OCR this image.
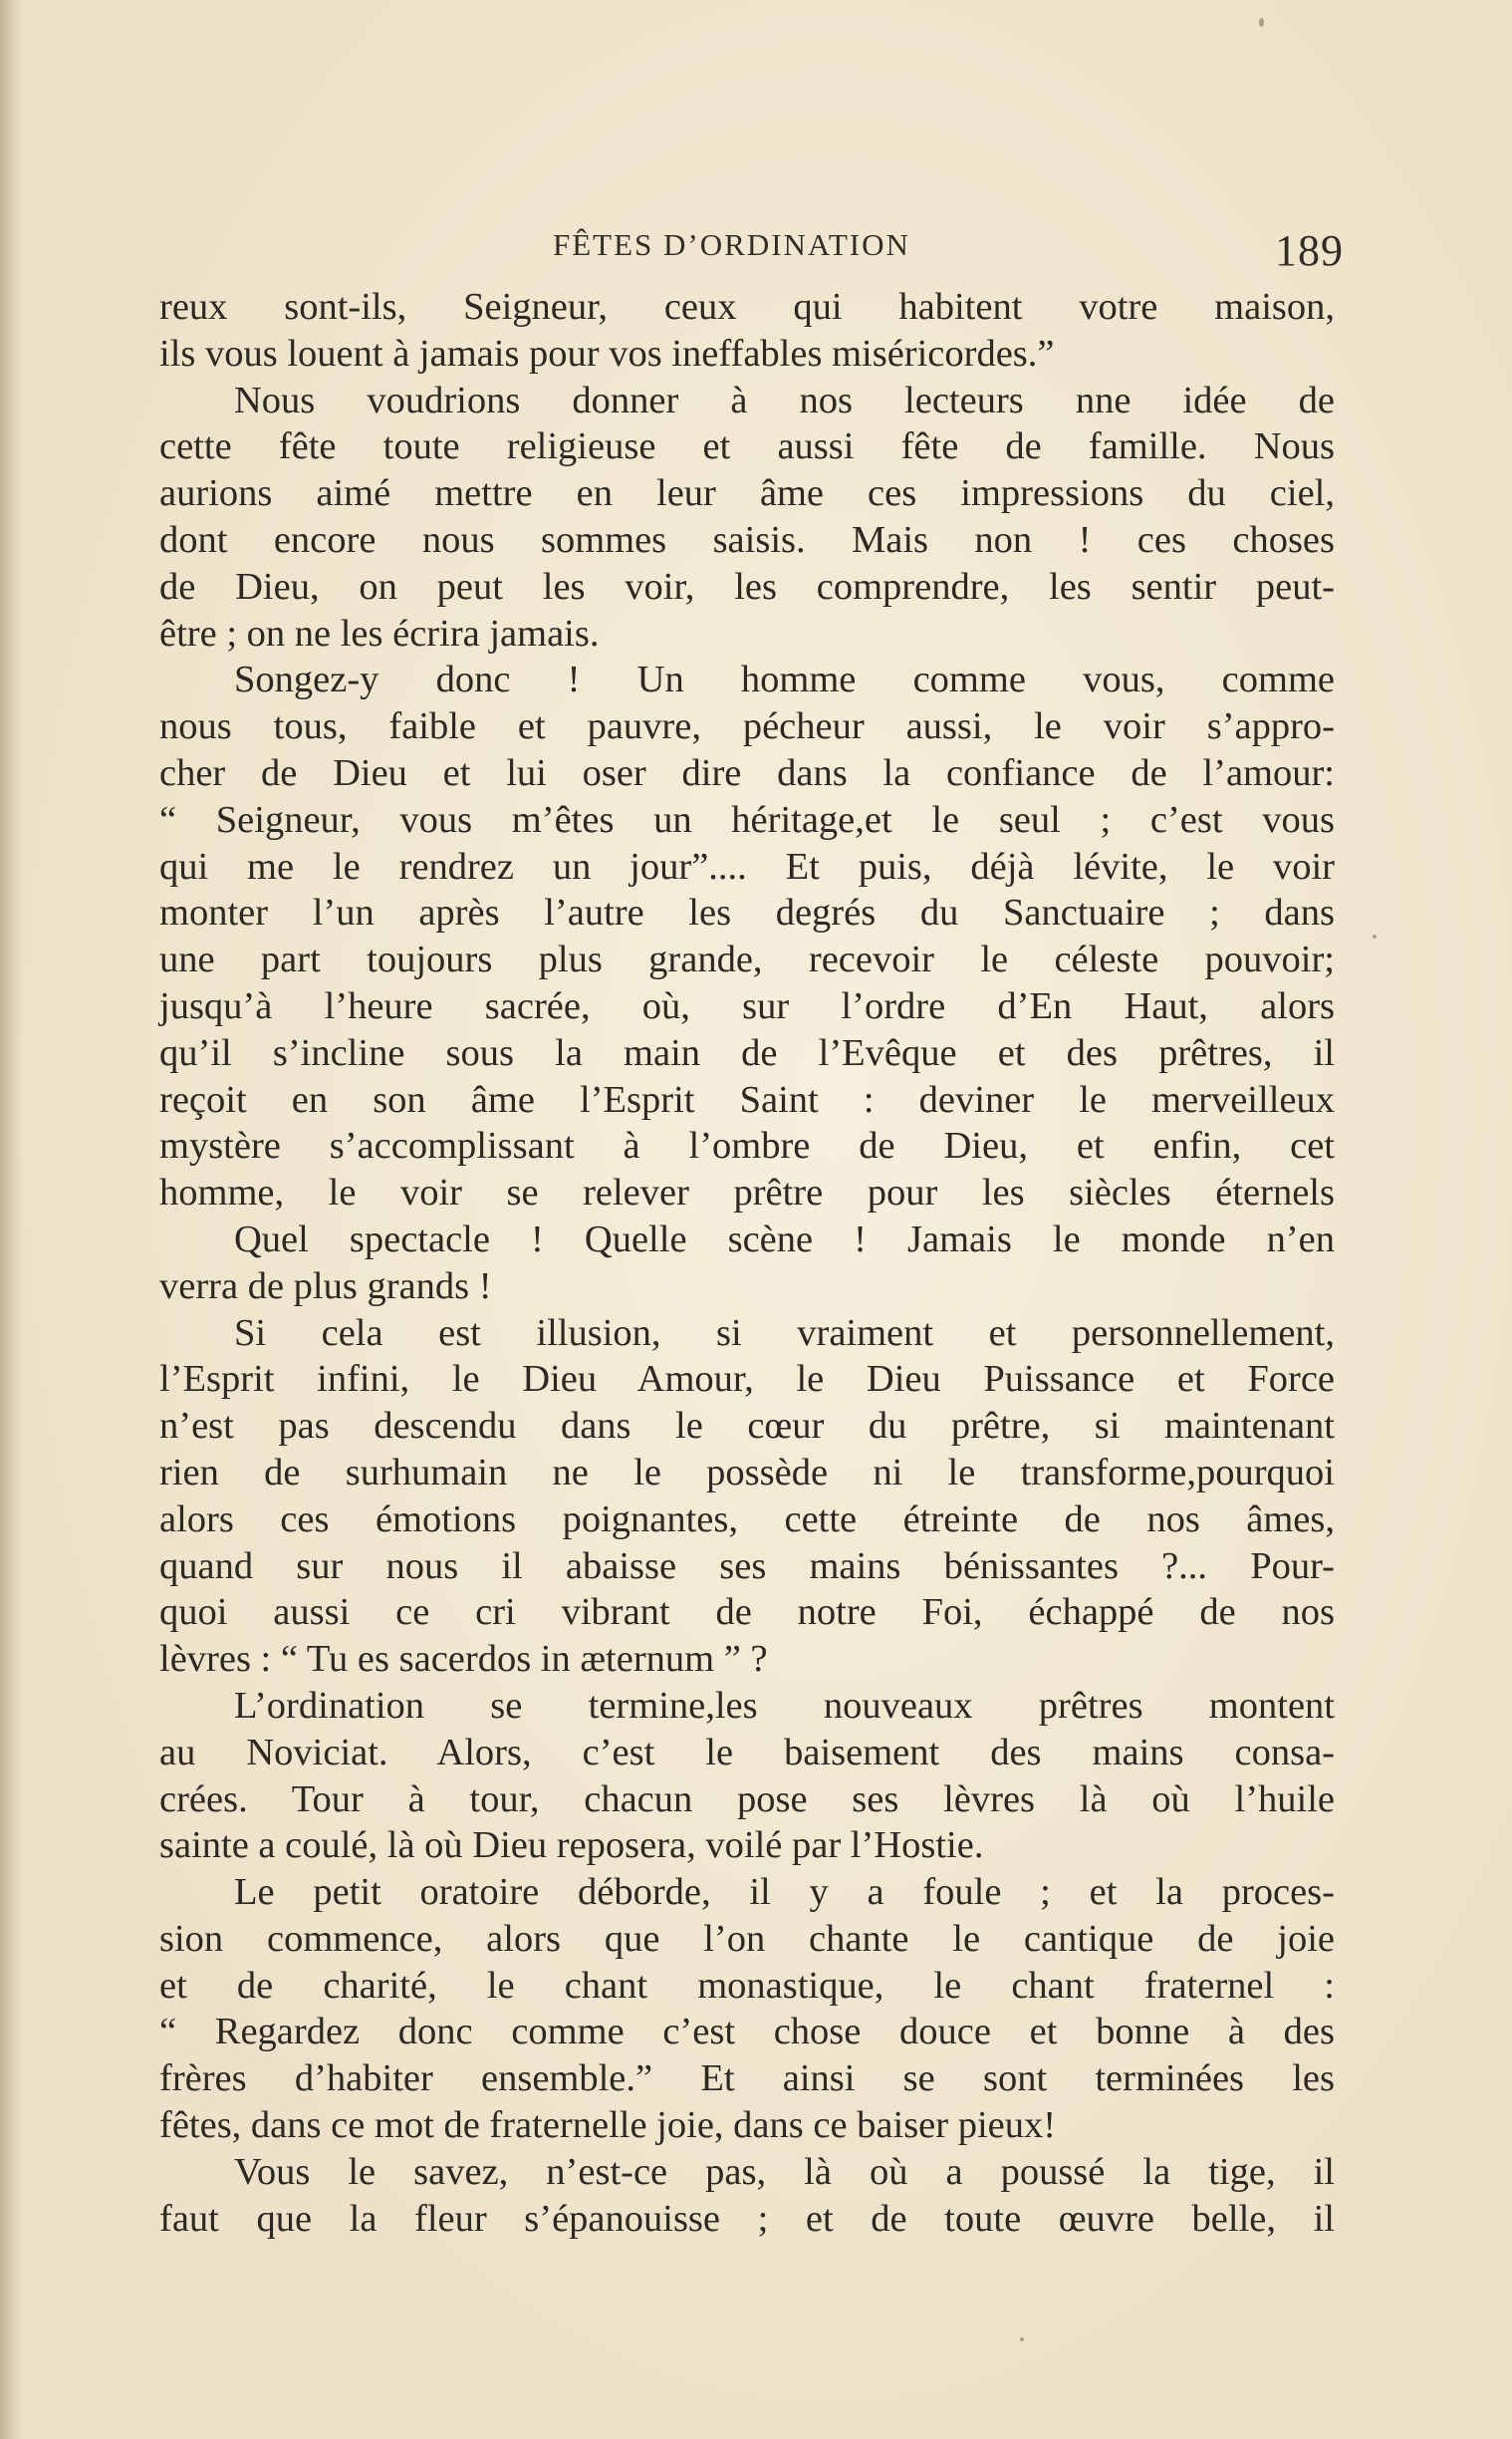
FÊTES D’ORDINATION	189
reux sont-ils, Seigneur, ceux qui habitent votre maison,
ils vous louent à jamais pour vos ineffables miséricordes.”
Nous voudrions donner à nos lecteurs nne idée de
cette fête toute religieuse et aussi fête de famille. Nous
aurions aimé mettre en leur âme ces impressions du ciel,
dont encore nous sommes saisis. Mais non ! ces choses
de Dieu, on peut les voir, les comprendre, les sentir peut-
être ; on ne les écrira jamais.
Songez-y donc ! Un homme comme vous, comme
nous tous, faible et pauvre, pécheur aussi, le voir s’appro-
cher de Dieu et lui oser dire dans la confiance de l’amour:
“ Seigneur, vous m’êtes un héritage,et le seul ; c’est vous
qui me le rendrez un jour”.... Et puis, déjà lévite, le voir
monter l’un après l’autre les degrés du Sanctuaire ; dans
une part toujours plus grande, recevoir le céleste pouvoir;
jusqu’à l’heure sacrée, où, sur l’ordre d’En Haut, alors
qu’il s’incline sous la main de l’Evêque et des prêtres, il
reçoit en son âme l’Esprit Saint : deviner le merveilleux
mystère s’accomplissant à l’ombre de Dieu, et enfin, cet
homme, le voir se relever prêtre pour les siècles éternels
Quel spectacle ! Quelle scène ! Jamais le monde n’en
verra de plus grands !
Si cela est illusion, si vraiment et personnellement,
l’Esprit infini, le Dieu Amour, le Dieu Puissance et Force
n’est pas descendu dans le cœur du prêtre, si maintenant
rien de surhumain ne le possède ni le transforme,pourquoi
alors ces émotions poignantes, cette étreinte de nos âmes,
quand sur nous il abaisse ses mains bénissantes ?... Pour-
quoi aussi ce cri vibrant de notre Foi, échappé de nos
lèvres : “ Tu es sacerdos in æternum ” ?
L’ordination se termine,les nouveaux prêtres montent
au Noviciat. Alors, c’est le baisement des mains consa-
crées. Tour à tour, chacun pose ses lèvres là où l’huile
sainte a coulé, là où Dieu reposera, voilé par l’Hostie.
Le petit oratoire déborde, il y a foule ; et la proces-
sion commence, alors que l’on chante le cantique de joie
et de charité, le chant monastique, le chant fraternel :
“ Regardez donc comme c’est chose douce et bonne à des
frères d’habiter ensemble.” Et ainsi se sont terminées les
fêtes, dans ce mot de fraternelle joie, dans ce baiser pieux!
Vous le savez, n’est-ce pas, là où a poussé la tige, il
faut que la fleur s’épanouisse ; et de toute œuvre belle, il
